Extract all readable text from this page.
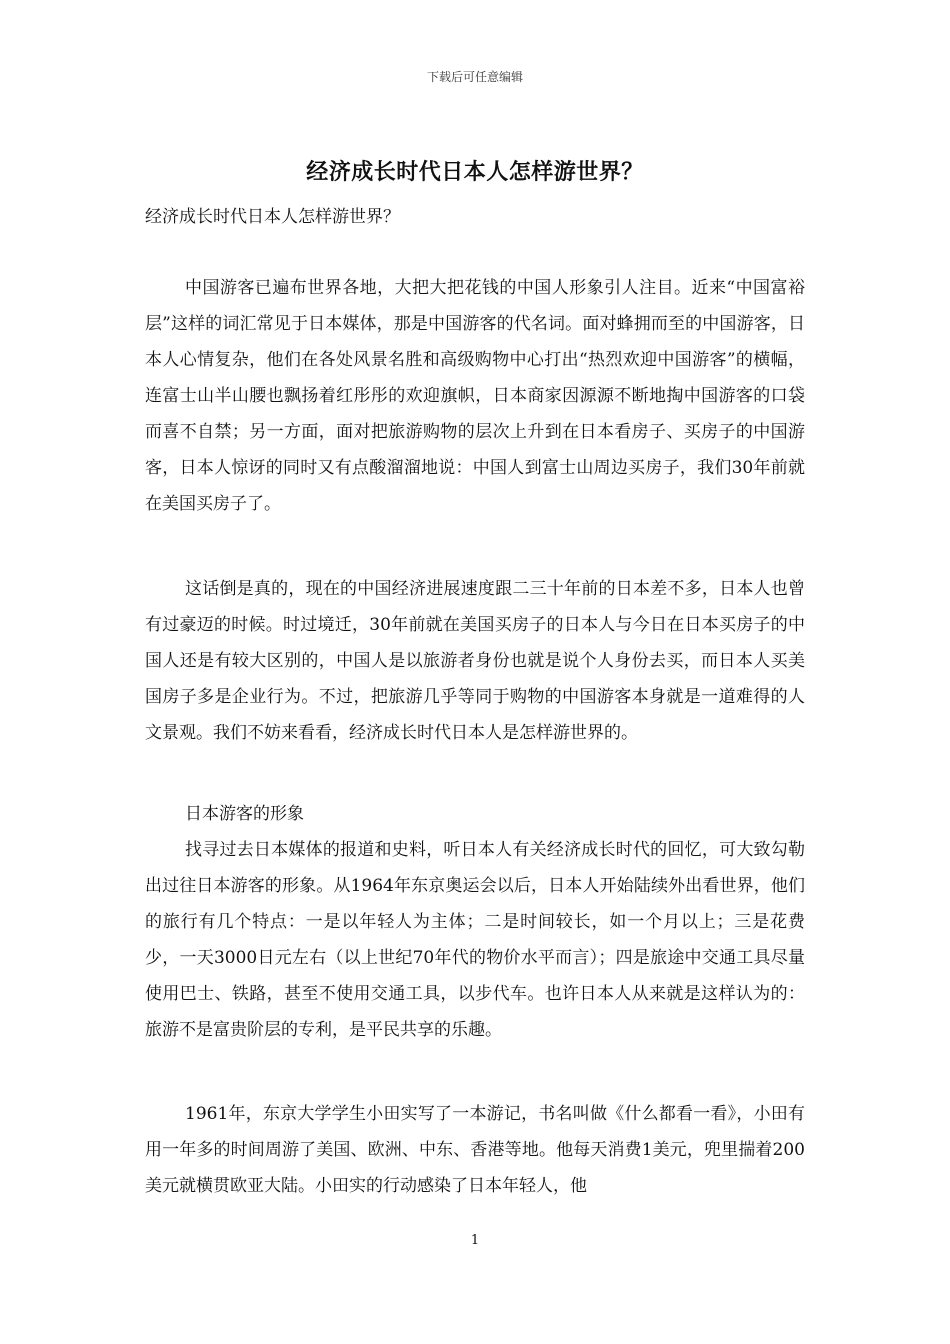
下载后可任意编辑
经济成长时代日本人怎样游世界？
经济成长时代日本人怎样游世界？

中国游客已遍布世界各地，大把大把花钱的中国人形象引人注目。近来“中国富裕层”这样的词汇常见于日本媒体，那是中国游客的代名词。面对蜂拥而至的中国游客，日本人心情复杂，他们在各处风景名胜和高级购物中心打出“热烈欢迎中国游客”的横幅，连富士山半山腰也飘扬着红彤彤的欢迎旗帜，日本商家因源源不断地掏中国游客的口袋而喜不自禁；另一方面，面对把旅游购物的层次上升到在日本看房子、买房子的中国游客，日本人惊讶的同时又有点酸溜溜地说：中国人到富士山周边买房子，我们30年前就在美国买房子了。

这话倒是真的，现在的中国经济进展速度跟二三十年前的日本差不多，日本人也曾有过豪迈的时候。时过境迁，30年前就在美国买房子的日本人与今日在日本买房子的中国人还是有较大区别的，中国人是以旅游者身份也就是说个人身份去买，而日本人买美国房子多是企业行为。不过，把旅游几乎等同于购物的中国游客本身就是一道难得的人文景观。我们不妨来看看，经济成长时代日本人是怎样游世界的。

日本游客的形象

找寻过去日本媒体的报道和史料，听日本人有关经济成长时代的回忆，可大致勾勒出过往日本游客的形象。从1964年东京奥运会以后，日本人开始陆续外出看世界，他们的旅行有几个特点：一是以年轻人为主体；二是时间较长，如一个月以上；三是花费少，一天3000日元左右（以上世纪70年代的物价水平而言）；四是旅途中交通工具尽量使用巴士、铁路，甚至不使用交通工具，以步代车。也许日本人从来就是这样认为的：旅游不是富贵阶层的专利，是平民共享的乐趣。

1961年，东京大学学生小田实写了一本游记，书名叫做《什么都看一看》，小田有用一年多的时间周游了美国、欧洲、中东、香港等地。他每天消费1美元，兜里揣着200美元就横贯欧亚大陆。小田实的行动感染了日本年轻人，他

1
